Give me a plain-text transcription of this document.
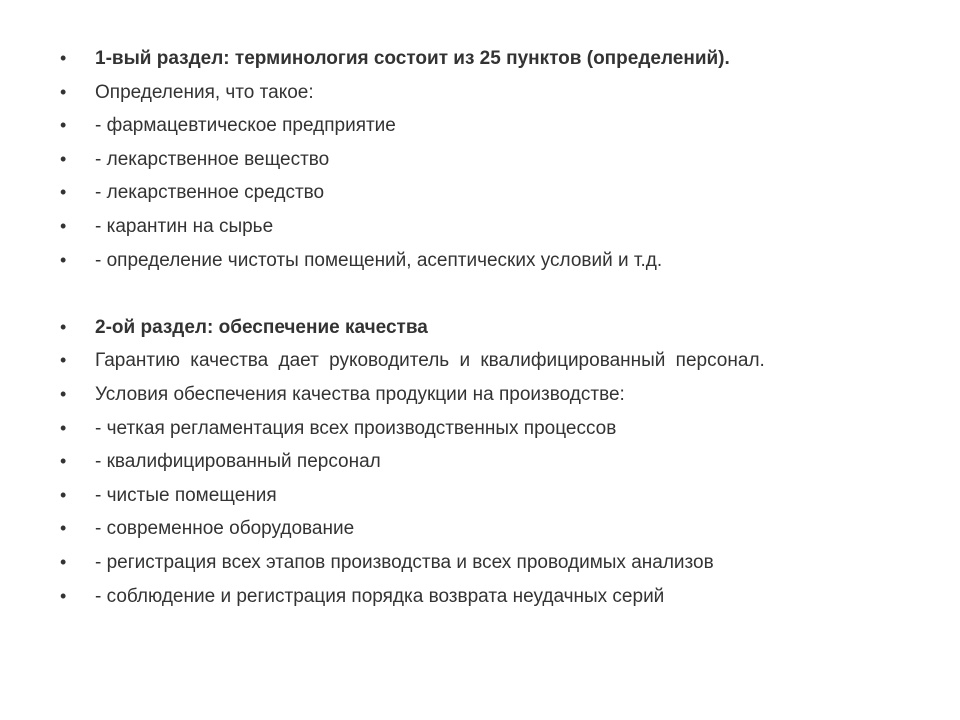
•	1-вый раздел: терминология состоит из 25 пунктов (определений).
•	Определения, что такое:
•	- фармацевтическое предприятие
•	- лекарственное вещество
•	- лекарственное средство
•	- карантин на сырье
•	- определение чистоты помещений, асептических условий и т.д.
•	2-ой раздел: обеспечение качества
•	Гарантию качества дает руководитель и квалифицированный персонал.
•	Условия обеспечения качества продукции на производстве:
•	- четкая регламентация всех производственных процессов
•	- квалифицированный персонал
•	- чистые помещения
•	- современное оборудование
•	- регистрация всех этапов производства и всех проводимых анализов
•	- соблюдение и регистрация порядка возврата неудачных серий
